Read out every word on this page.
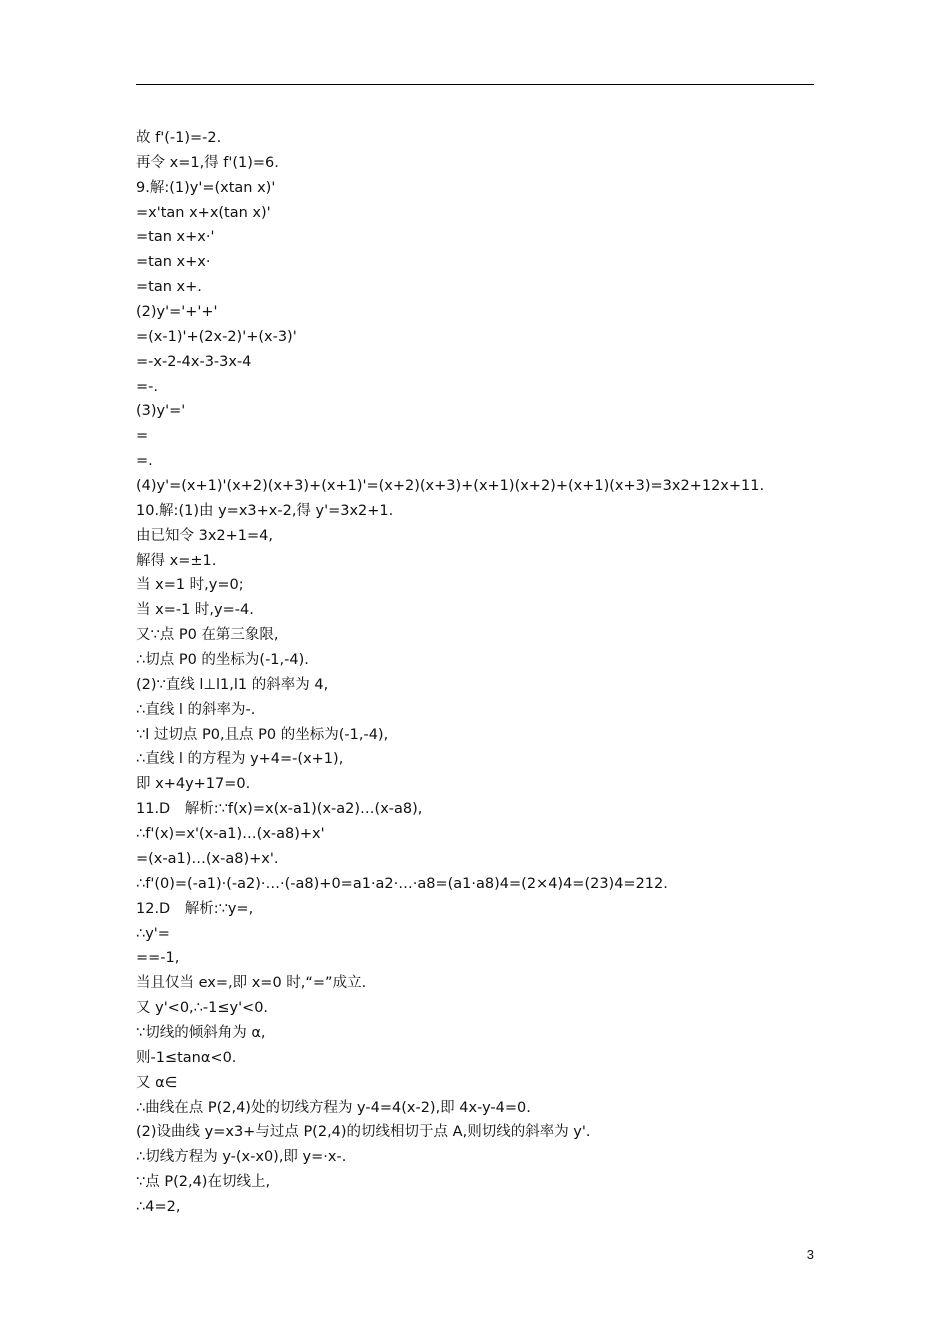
故 f'(-1)=-2.
再令 x=1,得 f'(1)=6.
9.解:(1)y'=(xtan x)'
=x'tan x+x(tan x)'
=tan x+x·'
=tan x+x·
=tan x+.
(2)y'='+'+'
=(x-1)'+(2x-2)'+(x-3)'
=-x-2-4x-3-3x-4
=-.
(3)y'='
=
=.
(4)y'=(x+1)'(x+2)(x+3)+(x+1)'=(x+2)(x+3)+(x+1)(x+2)+(x+1)(x+3)=3x2+12x+11.
10.解:(1)由 y=x3+x-2,得 y'=3x2+1.
由已知令 3x2+1=4,
解得 x=±1.
当 x=1 时,y=0;
当 x=-1 时,y=-4.
又∵点 P0 在第三象限,
∴切点 P0 的坐标为(-1,-4).
(2)∵直线 l⊥l1,l1 的斜率为 4,
∴直线 l 的斜率为-.
∵l 过切点 P0,且点 P0 的坐标为(-1,-4),
∴直线 l 的方程为 y+4=-(x+1),
即 x+4y+17=0.
11.D　解析:∵f(x)=x(x-a1)(x-a2)…(x-a8),
∴f'(x)=x'(x-a1)…(x-a8)+x'
=(x-a1)…(x-a8)+x'.
∴f'(0)=(-a1)·(-a2)·…·(-a8)+0=a1·a2·…·a8=(a1·a8)4=(2×4)4=(23)4=212.
12.D　解析:∵y=,
∴y'=
==-1,
当且仅当 ex=,即 x=0 时,“=”成立.
又 y'<0,∴-1≤y'<0.
∵切线的倾斜角为 α,
则-1≤tanα<0.
又 α∈
∴曲线在点 P(2,4)处的切线方程为 y-4=4(x-2),即 4x-y-4=0.
(2)设曲线 y=x3+与过点 P(2,4)的切线相切于点 A,则切线的斜率为 y'.
∴切线方程为 y-(x-x0),即 y=·x-.
∵点 P(2,4)在切线上,
∴4=2,
3
